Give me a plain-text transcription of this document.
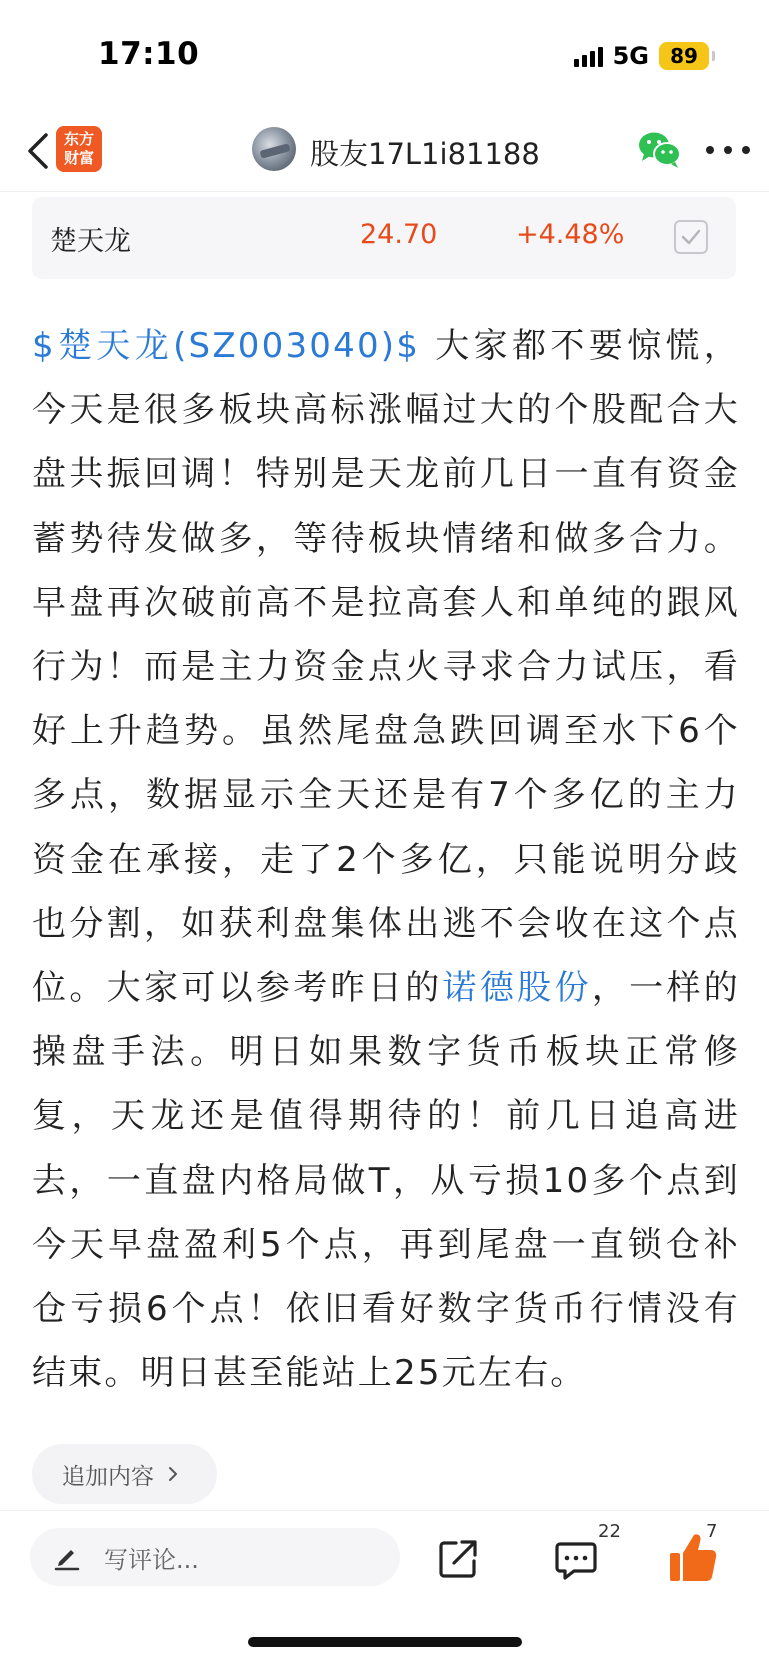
17:10	5G 89
东方
财富	股友17L1i81188
楚天龙	24.70	+4.48%
$楚天龙(SZ003040)$ 大家都不要惊慌，今天是很多板块高标涨幅过大的个股配合大盘共振回调！特别是天龙前几日一直有资金蓄势待发做多，等待板块情绪和做多合力。早盘再次破前高不是拉高套人和单纯的跟风行为！而是主力资金点火寻求合力试压，看好上升趋势。虽然尾盘急跌回调至水下6个多点，数据显示全天还是有7个多亿的主力资金在承接，走了2个多亿，只能说明分歧也分割，如获利盘集体出逃不会收在这个点位。大家可以参考昨日的诺德股份，一样的操盘手法。明日如果数字货币板块正常修复，天龙还是值得期待的！前几日追高进去，一直盘内格局做T，从亏损10多个点到今天早盘盈利5个点，再到尾盘一直锁仓补仓亏损6个点！依旧看好数字货币行情没有结束。明日甚至能站上25元左右。
追加内容
写评论...
22	7
